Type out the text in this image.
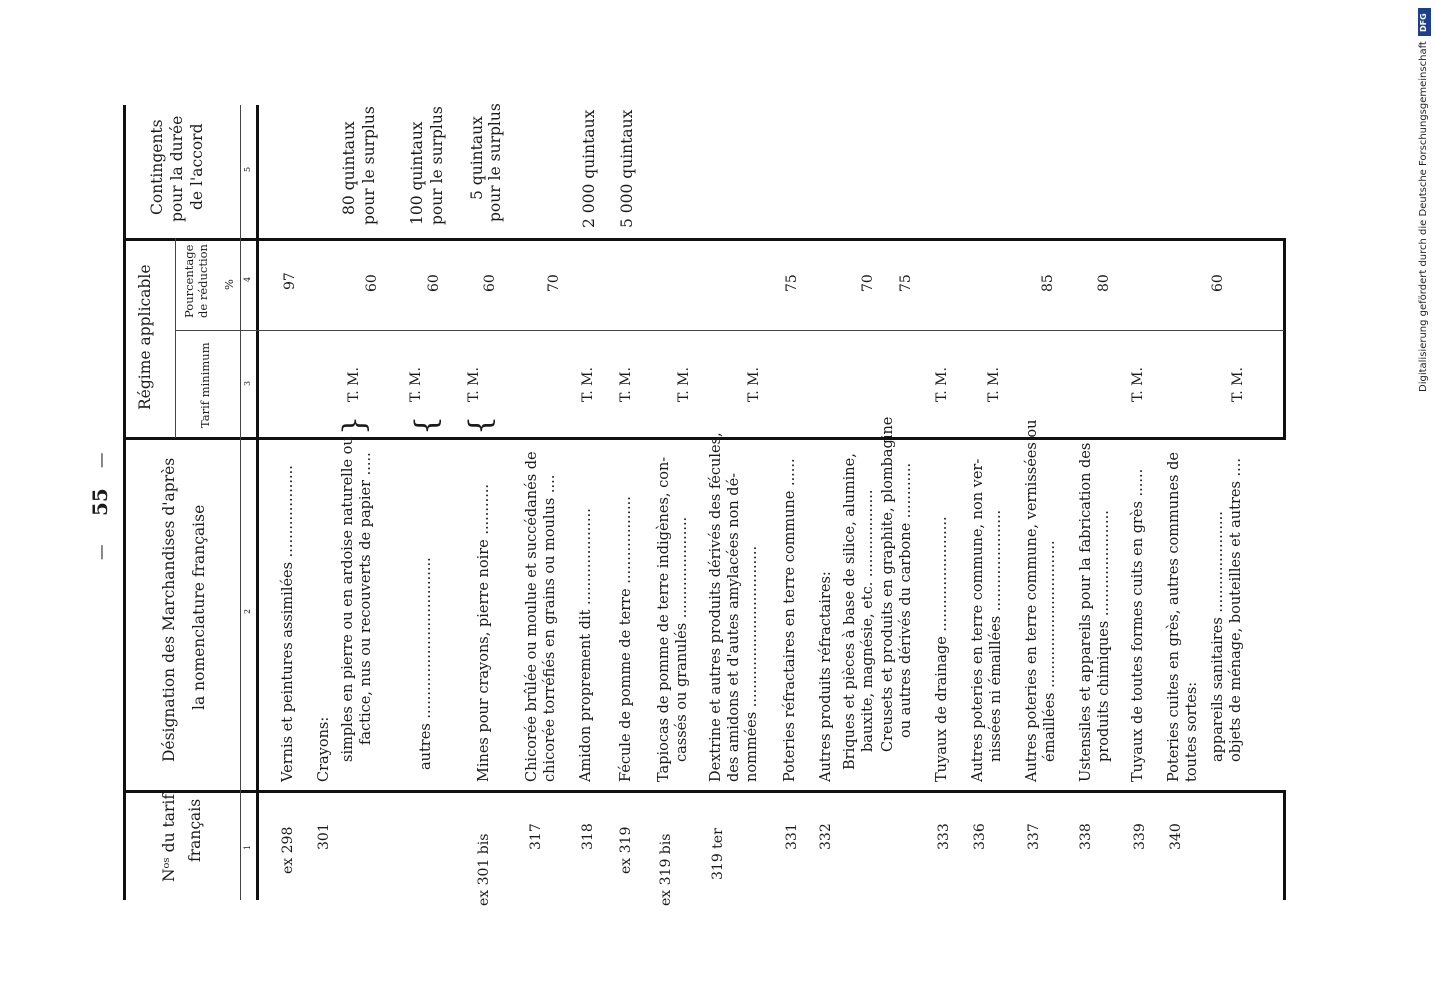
—
55
—
Nᵒˢ du tarif français
Désignation des Marchandises d'après la nomenclature française
Régime applicable	Tarif minimum
Pourcentage de réduction %
Contingents pour la durée de l'accord
1
2
3
4
5
ex 298
Vernis et peintures assimilées ....................
97
301
Crayons: simples en pierre ou en ardoise naturelle ou factice, nus ou recouverts de papier .....
}
T. M.
60
80 quintaux pour le surplus
autres ...................................
{
T. M.
60
100 quintaux pour le surplus
ex 301 bis
Mines pour crayons, pierre noire ...........
{
T. M.
60
5 quintaux pour le surplus
317
Chicorée brûlée ou moulue et succédanés de chicorée torréfiés en grains ou moulus ....
70
318
Amidon proprement dit .....................
T. M.
2 000 quintaux
ex 319
Fécule de pomme de terre ...................
T. M.
5 000 quintaux
ex 319 bis
Tapiocas de pomme de terre indigènes, con- cassés ou granulés ......................
T. M.
319 ter
Dextrine et autres produits dérivés des fécules, des amidons et d'autes amylacées non dé- nommées ...................................
T. M.
331
Poteries réfractaires en terre commune ......
75
332
Autres produits réfractaires: Briques et pièces à base de silice, alumine, bauxite, magnésie, etc. ...................
70
Creusets et produits en graphite, plombagine ou autres dérivés du carbone ............
75
333
Tuyaux de drainage .........................
T. M.
336
Autres poteries en terre commune, non ver- nissées ni émaillées ......................
T. M.
337
Autres poteries en terre commune, vernissées ou émaillées ................................
85
338
Ustensiles et appareils pour la fabrication des produits chimiques .......................
80
339
Tuyaux de toutes formes cuits en grès ......
T. M.
340
Poteries cuites en grès, autres communes de toutes sortes: appareils sanitaires ...................... objets de ménage, bouteilles et autres ....
T. M.
60	Digitalisierung gefördert durch die Deutsche Forschungsgemeinschaft
DFG
